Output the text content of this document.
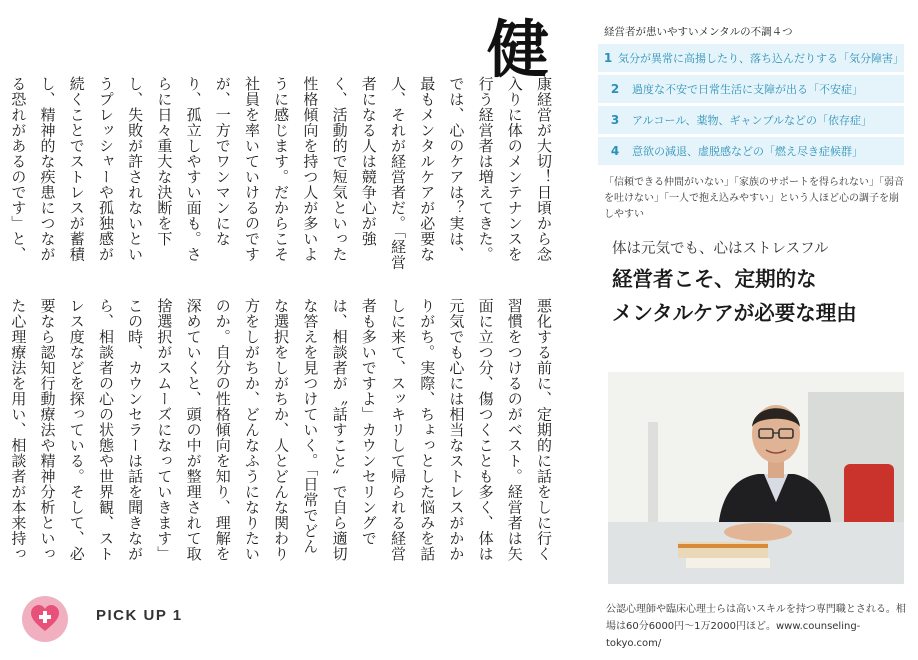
健
康経営が大切！日頃から念入りに体のメンテナンスを行う経営者は増えてきた。では、心のケアは？実は、最もメンタルケアが必要な人、それが経営者だ。「経営者になる人は競争心が強く、活動的で短気といった性格傾向を持つ人が多いように感じます。だからこそ社員を率いていけるのですが、一方でワンマンになり、孤立しやすい面も。さらに日々重大な決断を下し、失敗が許されないというプレッシャーや孤独感が続くことでストレスが蓄積し、精神的な疾患につながる恐れがあるのです」と、
悪化する前に、定期的に話をしに行く習慣をつけるのがベスト。経営者は矢面に立つ分、傷つくことも多く、体は元気でも心には相当なストレスがかかりがち。実際、ちょっとした悩みを話しに来て、スッキリして帰られる経営者も多いですよ」カウンセリングでは、相談者が〝話すこと〟で自ら適切な答えを見つけていく。「日常でどんな選択をしがちか、人とどんな関わり方をしがちか、どんなふうになりたいのか。自分の性格傾向を知り、理解を深めていくと、頭の中が整理されて取捨選択がスムーズになっていきます」この時、カウンセラーは話を聞きながら、相談者の心の状態や世界観、ストレス度などを探っている。そして、必要なら認知行動療法や精神分析といった心理療法を用い、相談者が本来持っ
PICK UP 1
経営者が患いやすいメンタルの不調４つ
1 気分が異常に高揚したり、落ち込んだりする「気分障害」
2	過度な不安で日常生活に支障が出る「不安症」
3	アルコール、薬物、ギャンブルなどの「依存症」
4	意欲の減退、虚脱感などの「燃え尽き症候群」
「信頼できる仲間がいない」「家族のサポートを得られない」「弱音を吐けない」「一人で抱え込みやすい」という人ほど心の調子を崩しやすい
体は元気でも、心はストレスフル
経営者こそ、定期的な
メンタルケアが必要な理由
公認心理師や臨床心理士らは高いスキルを持つ専門職とされる。相場は60分6000円〜1万2000円ほど。www.counseling-tokyo.com/
